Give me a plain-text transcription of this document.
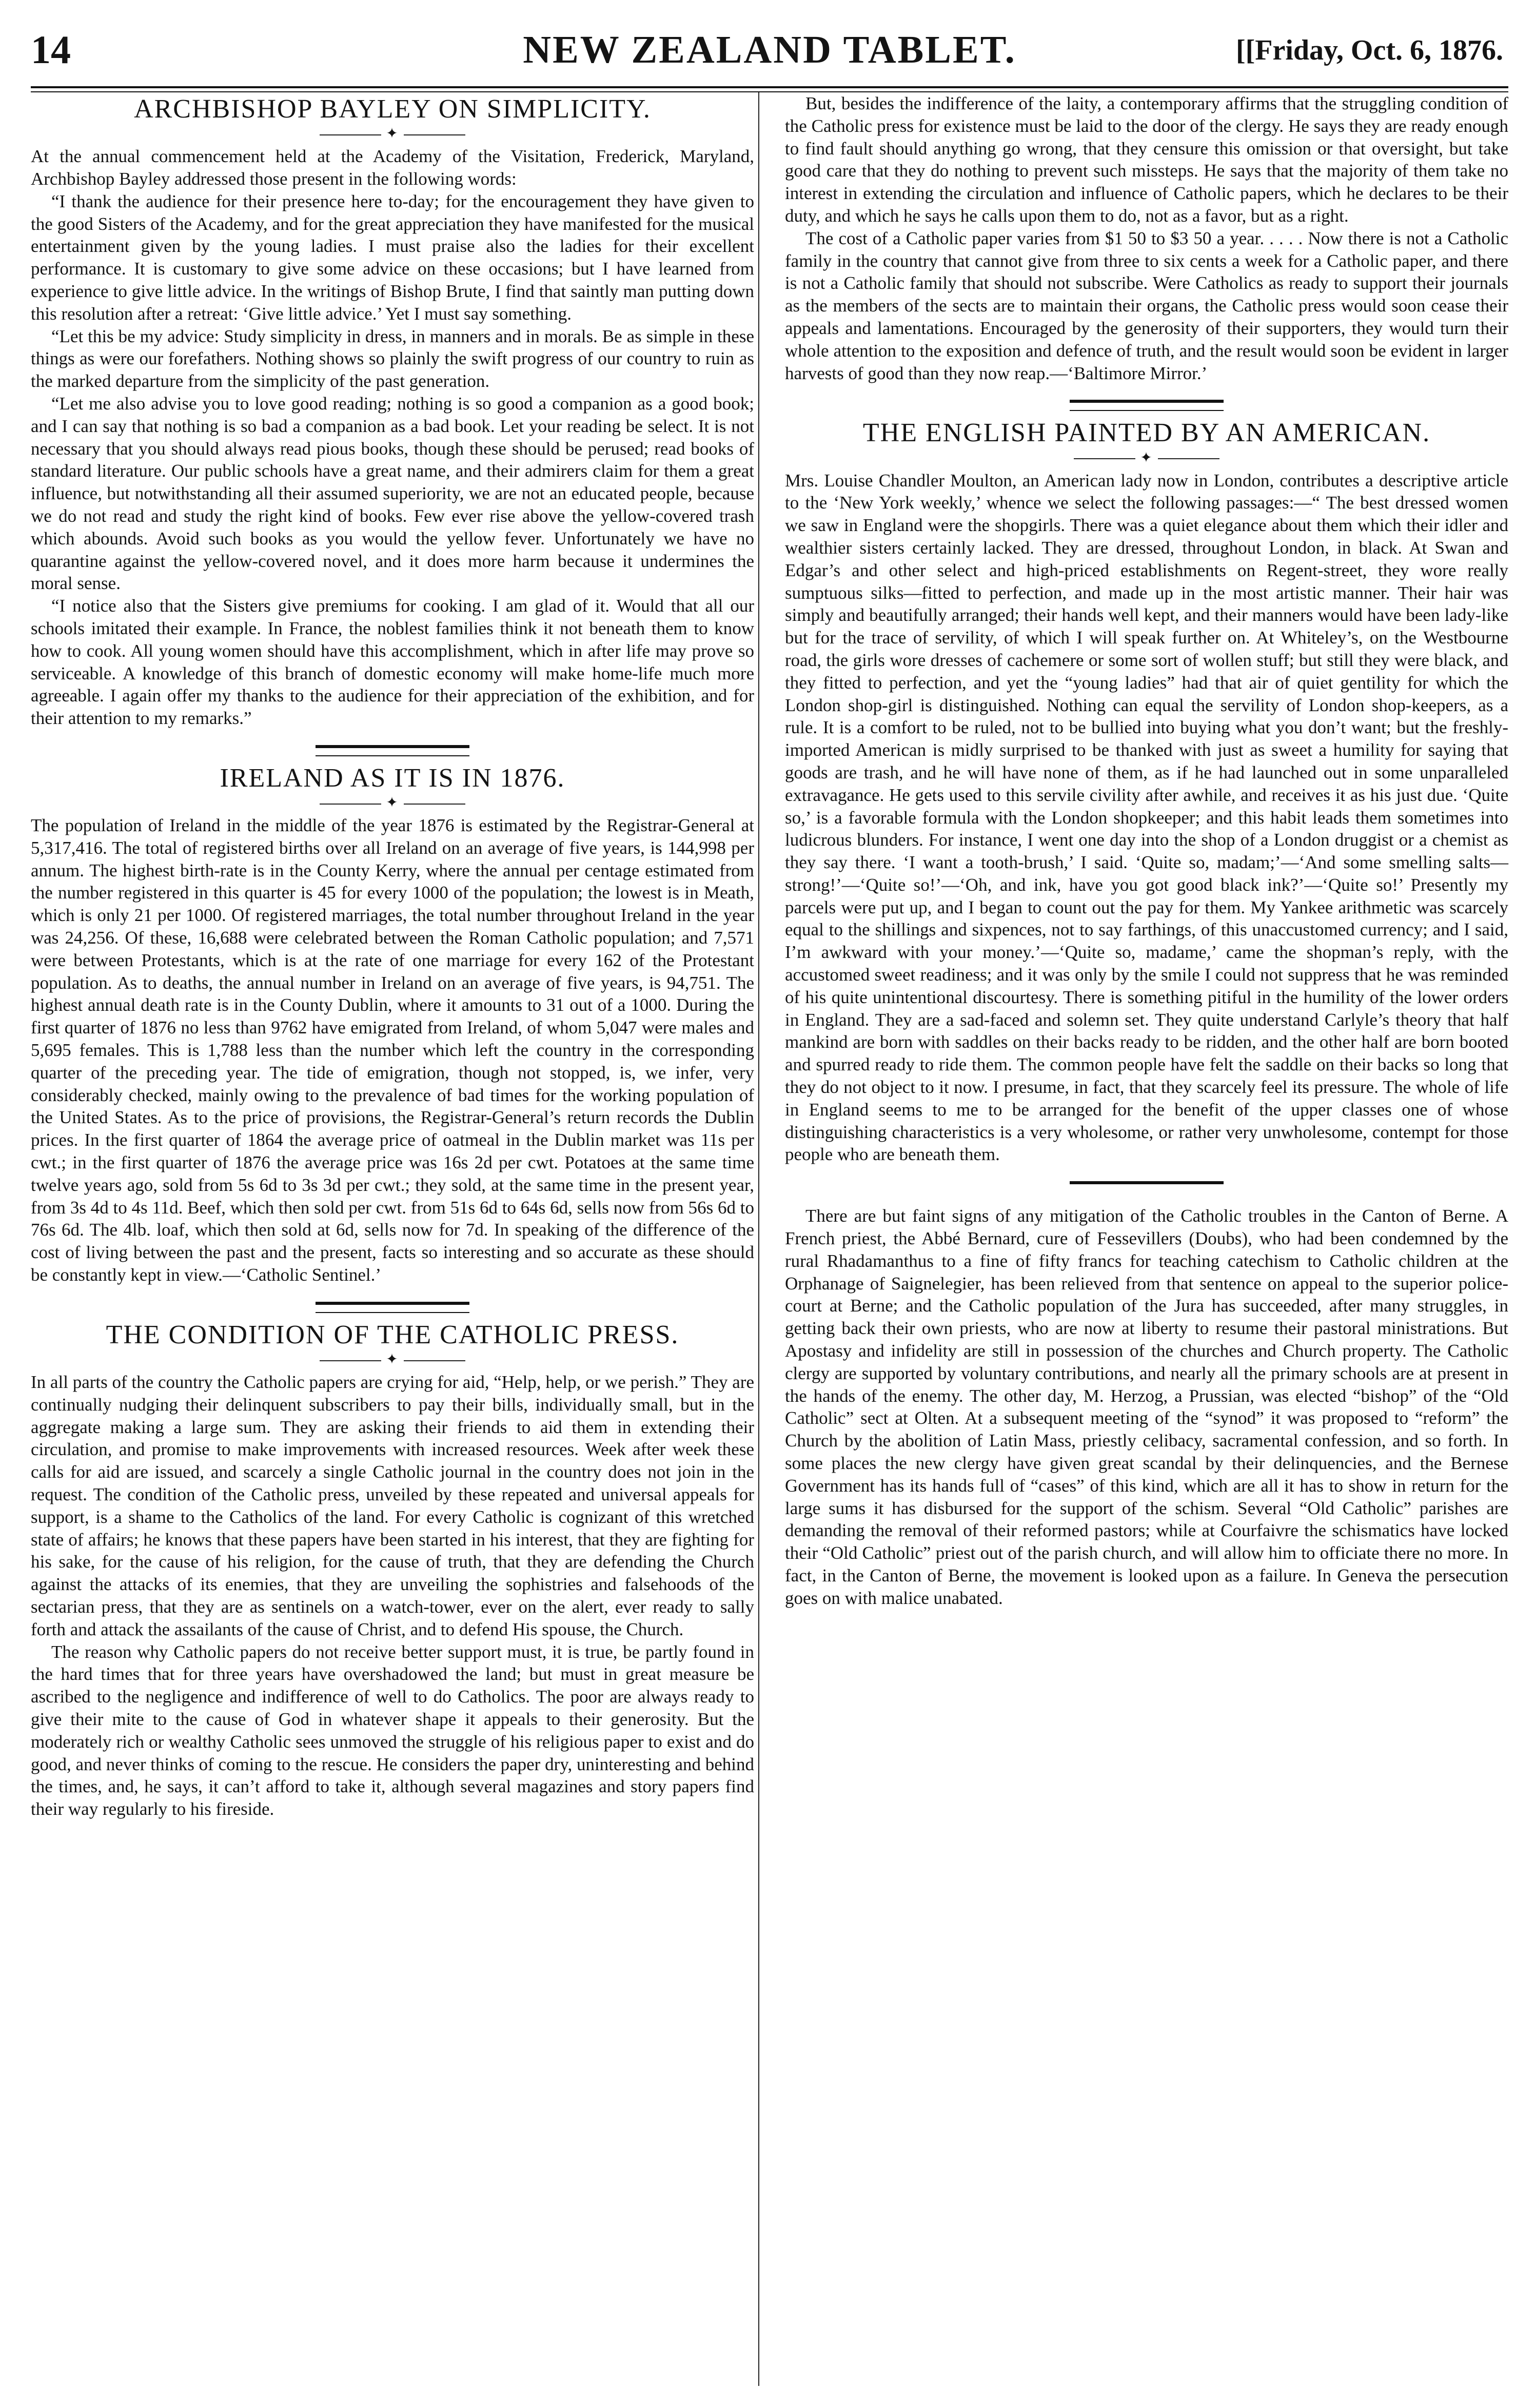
14	NEW ZEALAND TABLET.	[[Friday, Oct. 6, 1876.
ARCHBISHOP BAYLEY ON SIMPLICITY.
✦

At the annual commencement held at the Academy of the Visitation, Frederick, Maryland, Archbishop Bayley addressed those present in the following words:

“I thank the audience for their presence here to-day; for the encouragement they have given to the good Sisters of the Academy, and for the great appreciation they have manifested for the musical entertainment given by the young ladies. I must praise also the ladies for their excellent performance. It is customary to give some advice on these occasions; but I have learned from experience to give little advice. In the writings of Bishop Brute, I find that saintly man putting down this resolution after a retreat: ‘Give little advice.’ Yet I must say something.

“Let this be my advice: Study simplicity in dress, in manners and in morals. Be as simple in these things as were our forefathers. Nothing shows so plainly the swift progress of our country to ruin as the marked departure from the simplicity of the past generation.

“Let me also advise you to love good reading; nothing is so good a companion as a good book; and I can say that nothing is so bad a companion as a bad book. Let your reading be select. It is not necessary that you should always read pious books, though these should be perused; read books of standard literature. Our public schools have a great name, and their admirers claim for them a great influence, but notwithstanding all their assumed superiority, we are not an educated people, because we do not read and study the right kind of books. Few ever rise above the yellow-covered trash which abounds. Avoid such books as you would the yellow fever. Unfortunately we have no quarantine against the yellow-covered novel, and it does more harm because it undermines the moral sense.

“I notice also that the Sisters give premiums for cooking. I am glad of it. Would that all our schools imitated their example. In France, the noblest families think it not beneath them to know how to cook. All young women should have this accomplishment, which in after life may prove so serviceable. A knowledge of this branch of domestic economy will make home-life much more agreeable. I again offer my thanks to the audience for their appreciation of the exhibition, and for their attention to my remarks.”

IRELAND AS IT IS IN 1876.
✦

The population of Ireland in the middle of the year 1876 is estimated by the Registrar-General at 5,317,416. The total of registered births over all Ireland on an average of five years, is 144,998 per annum. The highest birth-rate is in the County Kerry, where the annual per centage estimated from the number registered in this quarter is 45 for every 1000 of the population; the lowest is in Meath, which is only 21 per 1000. Of registered marriages, the total number throughout Ireland in the year was 24,256. Of these, 16,688 were celebrated between the Roman Catholic population; and 7,571 were between Protestants, which is at the rate of one marriage for every 162 of the Protestant population. As to deaths, the annual number in Ireland on an average of five years, is 94,751. The highest annual death rate is in the County Dublin, where it amounts to 31 out of a 1000. During the first quarter of 1876 no less than 9762 have emigrated from Ireland, of whom 5,047 were males and 5,695 females. This is 1,788 less than the number which left the country in the corresponding quarter of the preceding year. The tide of emigration, though not stopped, is, we infer, very considerably checked, mainly owing to the prevalence of bad times for the working population of the United States. As to the price of provisions, the Registrar-General’s return records the Dublin prices. In the first quarter of 1864 the average price of oatmeal in the Dublin market was 11s per cwt.; in the first quarter of 1876 the average price was 16s 2d per cwt. Potatoes at the same time twelve years ago, sold from 5s 6d to 3s 3d per cwt.; they sold, at the same time in the present year, from 3s 4d to 4s 11d. Beef, which then sold per cwt. from 51s 6d to 64s 6d, sells now from 56s 6d to 76s 6d. The 4lb. loaf, which then sold at 6d, sells now for 7d. In speaking of the difference of the cost of living between the past and the present, facts so interesting and so accurate as these should be constantly kept in view.—‘Catholic Sentinel.’

THE CONDITION OF THE CATHOLIC PRESS.
✦

In all parts of the country the Catholic papers are crying for aid, “Help, help, or we perish.” They are continually nudging their delinquent subscribers to pay their bills, individually small, but in the aggregate making a large sum. They are asking their friends to aid them in extending their circulation, and promise to make improvements with increased resources. Week after week these calls for aid are issued, and scarcely a single Catholic journal in the country does not join in the request. The condition of the Catholic press, unveiled by these repeated and universal appeals for support, is a shame to the Catholics of the land. For every Catholic is cognizant of this wretched state of affairs; he knows that these papers have been started in his interest, that they are fighting for his sake, for the cause of his religion, for the cause of truth, that they are defending the Church against the attacks of its enemies, that they are unveiling the sophistries and falsehoods of the sectarian press, that they are as sentinels on a watch-tower, ever on the alert, ever ready to sally forth and attack the assailants of the cause of Christ, and to defend His spouse, the Church.

The reason why Catholic papers do not receive better support must, it is true, be partly found in the hard times that for three years have overshadowed the land; but must in great measure be ascribed to the negligence and indifference of well to do Catholics. The poor are always ready to give their mite to the cause of God in whatever shape it appeals to their generosity. But the moderately rich or wealthy Catholic sees unmoved the struggle of his religious paper to exist and do good, and never thinks of coming to the rescue. He considers the paper dry, uninteresting and behind the times, and, he says, it can’t afford to take it, although several magazines and story papers find their way regularly to his fireside.

But, besides the indifference of the laity, a contemporary affirms that the struggling condition of the Catholic press for existence must be laid to the door of the clergy. He says they are ready enough to find fault should anything go wrong, that they censure this omission or that oversight, but take good care that they do nothing to prevent such missteps. He says that the majority of them take no interest in extending the circulation and influence of Catholic papers, which he declares to be their duty, and which he says he calls upon them to do, not as a favor, but as a right.

The cost of a Catholic paper varies from $1 50 to $3 50 a year. . . . . Now there is not a Catholic family in the country that cannot give from three to six cents a week for a Catholic paper, and there is not a Catholic family that should not subscribe. Were Catholics as ready to support their journals as the members of the sects are to maintain their organs, the Catholic press would soon cease their appeals and lamentations. Encouraged by the generosity of their supporters, they would turn their whole attention to the exposition and defence of truth, and the result would soon be evident in larger harvests of good than they now reap.—‘Baltimore Mirror.’

THE ENGLISH PAINTED BY AN AMERICAN.
✦

Mrs. Louise Chandler Moulton, an American lady now in London, contributes a descriptive article to the ‘New York weekly,’ whence we select the following passages:—“ The best dressed women we saw in England were the shopgirls. There was a quiet elegance about them which their idler and wealthier sisters certainly lacked. They are dressed, throughout London, in black. At Swan and Edgar’s and other select and high-priced establishments on Regent-street, they wore really sumptuous silks—fitted to perfection, and made up in the most artistic manner. Their hair was simply and beautifully arranged; their hands well kept, and their manners would have been lady-like but for the trace of servility, of which I will speak further on. At Whiteley’s, on the Westbourne road, the girls wore dresses of cachemere or some sort of wollen stuff; but still they were black, and they fitted to perfection, and yet the “young ladies” had that air of quiet gentility for which the London shop-girl is distinguished. Nothing can equal the servility of London shop-keepers, as a rule. It is a comfort to be ruled, not to be bullied into buying what you don’t want; but the freshly-imported American is midly surprised to be thanked with just as sweet a humility for saying that goods are trash, and he will have none of them, as if he had launched out in some unparalleled extravagance. He gets used to this servile civility after awhile, and receives it as his just due. ‘Quite so,’ is a favorable formula with the London shopkeeper; and this habit leads them sometimes into ludicrous blunders. For instance, I went one day into the shop of a London druggist or a chemist as they say there. ‘I want a tooth-brush,’ I said. ‘Quite so, madam;’—‘And some smelling salts—strong!’—‘Quite so!’—‘Oh, and ink, have you got good black ink?’—‘Quite so!’ Presently my parcels were put up, and I began to count out the pay for them. My Yankee arithmetic was scarcely equal to the shillings and sixpences, not to say farthings, of this unaccustomed currency; and I said, I’m awkward with your money.’—‘Quite so, madame,’ came the shopman’s reply, with the accustomed sweet readiness; and it was only by the smile I could not suppress that he was reminded of his quite unintentional discourtesy. There is something pitiful in the humility of the lower orders in England. They are a sad-faced and solemn set. They quite understand Carlyle’s theory that half mankind are born with saddles on their backs ready to be ridden, and the other half are born booted and spurred ready to ride them. The common people have felt the saddle on their backs so long that they do not object to it now. I presume, in fact, that they scarcely feel its pressure. The whole of life in England seems to me to be arranged for the benefit of the upper classes one of whose distinguishing characteristics is a very wholesome, or rather very unwholesome, contempt for those people who are beneath them.

There are but faint signs of any mitigation of the Catholic troubles in the Canton of Berne. A French priest, the Abbé Bernard, cure of Fessevillers (Doubs), who had been condemned by the rural Rhadamanthus to a fine of fifty francs for teaching catechism to Catholic children at the Orphanage of Saignelegier, has been relieved from that sentence on appeal to the superior police-court at Berne; and the Catholic population of the Jura has succeeded, after many struggles, in getting back their own priests, who are now at liberty to resume their pastoral ministrations. But Apostasy and infidelity are still in possession of the churches and Church property. The Catholic clergy are supported by voluntary contributions, and nearly all the primary schools are at present in the hands of the enemy. The other day, M. Herzog, a Prussian, was elected “bishop” of the “Old Catholic” sect at Olten. At a subsequent meeting of the “synod” it was proposed to “reform” the Church by the abolition of Latin Mass, priestly celibacy, sacramental confession, and so forth. In some places the new clergy have given great scandal by their delinquencies, and the Bernese Government has its hands full of “cases” of this kind, which are all it has to show in return for the large sums it has disbursed for the support of the schism. Several “Old Catholic” parishes are demanding the removal of their reformed pastors; while at Courfaivre the schismatics have locked their “Old Catholic” priest out of the parish church, and will allow him to officiate there no more. In fact, in the Canton of Berne, the movement is looked upon as a failure. In Geneva the persecution goes on with malice unabated.
